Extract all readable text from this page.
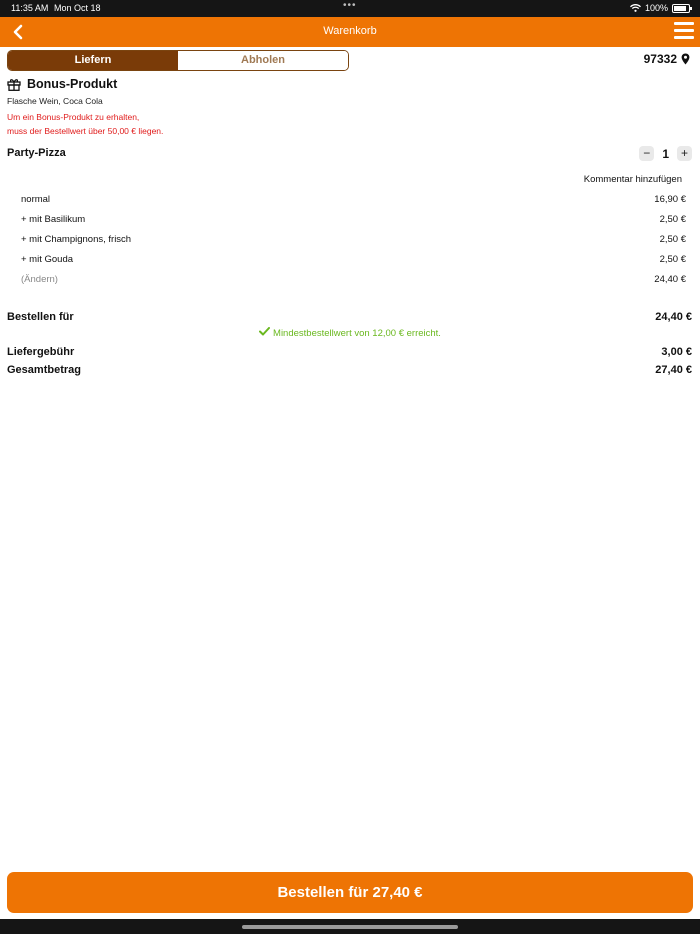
11:35 AM Mon Oct 18	•••	100%
Warenkorb
Liefern	Abholen	97332
Bonus-Produkt
Flasche Wein, Coca Cola
Um ein Bonus-Produkt zu erhalten,
muss der Bestellwert über 50,00 € liegen.
Party-Pizza	−	1 +
Kommentar hinzufügen
normal	16,90 €
+ mit Basilikum	2,50 €
+ mit Champignons, frisch	2,50 €
+ mit Gouda	2,50 €
(Ändern)	24,40 €
Bestellen für	24,40 €
Mindestbestellwert von 12,00 € erreicht.
Liefergebühr	3,00 €
Gesamtbetrag	27,40 €
Bestellen für 27,40 €
